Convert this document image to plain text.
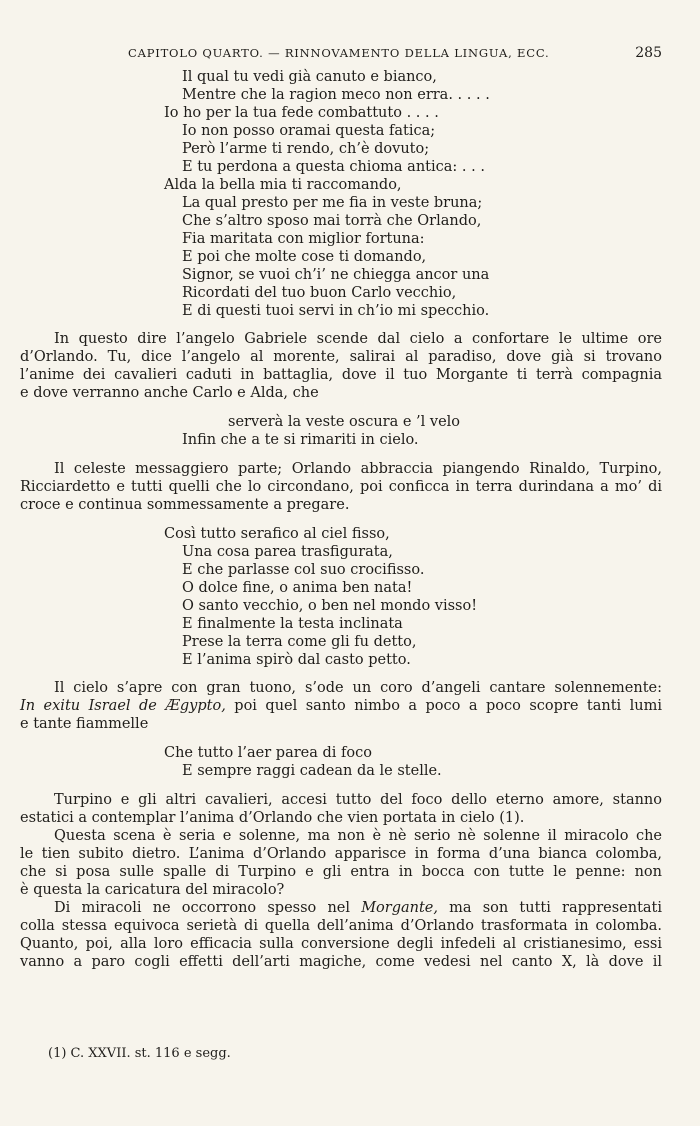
CAPITOLO QUARTO. — RINNOVAMENTO DELLA LINGUA, ECC.	285
Il qual tu vedi già canuto e bianco,
Mentre che la ragion meco non erra. . . . .
Io ho per la tua fede combattuto . . . .
Io non posso oramai questa fatica;
Però l’arme ti rendo, ch’è dovuto;
E tu perdona a questa chioma antica: . . .
Alda la bella mia ti raccomando,
La qual presto per me fia in veste bruna;
Che s’altro sposo mai torrà che Orlando,
Fia maritata con miglior fortuna:
E poi che molte cose ti domando,
Signor, se vuoi ch’i’ ne chiegga ancor una
Ricordati del tuo buon Carlo vecchio,
E di questi tuoi servi in ch’io mi specchio.
In questo dire l’angelo Gabriele scende dal cielo a confortare le ultime ore
d’Orlando. Tu, dice l’angelo al morente, salirai al paradiso, dove già si trovano
l’anime dei cavalieri caduti in battaglia, dove il tuo Morgante ti terrà compagnia
e dove verranno anche Carlo e Alda, che
serverà la veste oscura e ’l velo
Infin che a te si rimariti in cielo.
Il celeste messaggiero parte; Orlando abbraccia piangendo Rinaldo, Turpino,
Ricciardetto e tutti quelli che lo circondano, poi conficca in terra durindana a mo’ di
croce e continua sommessamente a pregare.
Così tutto serafico al ciel fisso,
Una cosa parea trasfigurata,
E che parlasse col suo crocifisso.
O dolce fine, o anima ben nata!
O santo vecchio, o ben nel mondo visso!
E finalmente la testa inclinata
Prese la terra come gli fu detto,
E l’anima spirò dal casto petto.
Il cielo s’apre con gran tuono, s’ode un coro d’angeli cantare solennemente:
In exitu Israel de Ægypto, poi quel santo nimbo a poco a poco scopre tanti lumi
e tante fiammelle
Che tutto l’aer parea di foco
E sempre raggi cadean da le stelle.
Turpino e gli altri cavalieri, accesi tutto del foco dello eterno amore, stanno
estatici a contemplar l’anima d’Orlando che vien portata in cielo (1).
Questa scena è seria e solenne, ma non è nè serio nè solenne il miracolo che
le tien subito dietro. L’anima d’Orlando apparisce in forma d’una bianca colomba,
che si posa sulle spalle di Turpino e gli entra in bocca con tutte le penne: non
è questa la caricatura del miracolo?
Di miracoli ne occorrono spesso nel Morgante, ma son tutti rappresentati
colla stessa equivoca serietà di quella dell’anima d’Orlando trasformata in colomba.
Quanto, poi, alla loro efficacia sulla conversione degli infedeli al cristianesimo, essi
vanno a paro cogli effetti dell’arti magiche, come vedesi nel canto X, là dove il
(1) C. XXVII. st. 116 e segg.
